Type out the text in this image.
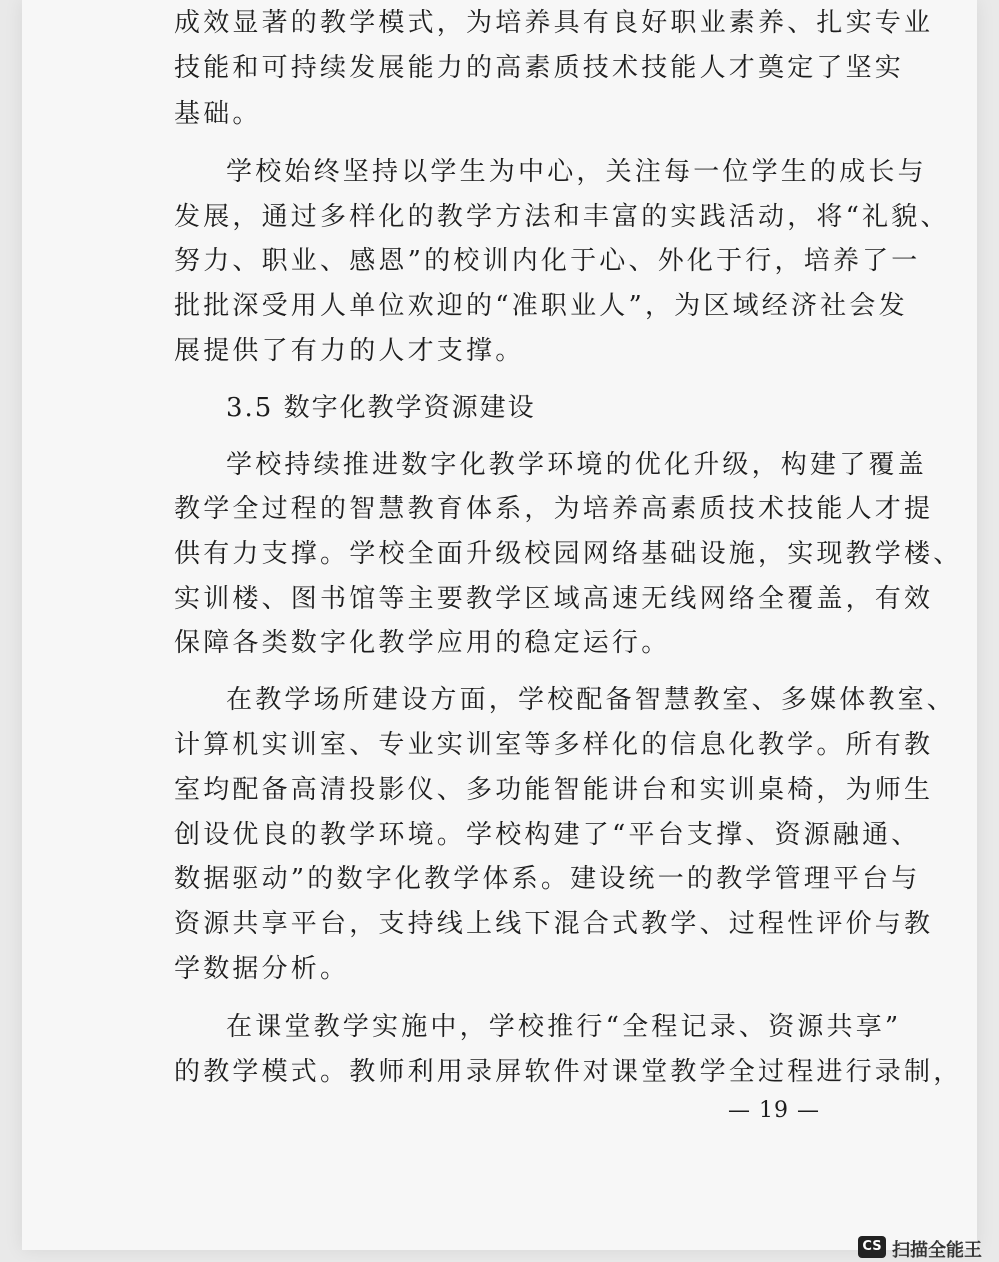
成效显著的教学模式，为培养具有良好职业素养、扎实专业
技能和可持续发展能力的高素质技术技能人才奠定了坚实
基础。
学校始终坚持以学生为中心，关注每一位学生的成长与
发展，通过多样化的教学方法和丰富的实践活动，将“礼貌、
努力、职业、感恩”的校训内化于心、外化于行，培养了一
批批深受用人单位欢迎的“准职业人”，为区域经济社会发
展提供了有力的人才支撑。
3.5 数字化教学资源建设
学校持续推进数字化教学环境的优化升级，构建了覆盖
教学全过程的智慧教育体系，为培养高素质技术技能人才提
供有力支撑。学校全面升级校园网络基础设施，实现教学楼、
实训楼、图书馆等主要教学区域高速无线网络全覆盖，有效
保障各类数字化教学应用的稳定运行。
在教学场所建设方面，学校配备智慧教室、多媒体教室、
计算机实训室、专业实训室等多样化的信息化教学。所有教
室均配备高清投影仪、多功能智能讲台和实训桌椅，为师生
创设优良的教学环境。学校构建了“平台支撑、资源融通、
数据驱动”的数字化教学体系。建设统一的教学管理平台与
资源共享平台，支持线上线下混合式教学、过程性评价与教
学数据分析。
在课堂教学实施中，学校推行“全程记录、资源共享”
的教学模式。教师利用录屏软件对课堂教学全过程进行录制，
— 19 —
CS 扫描全能王
